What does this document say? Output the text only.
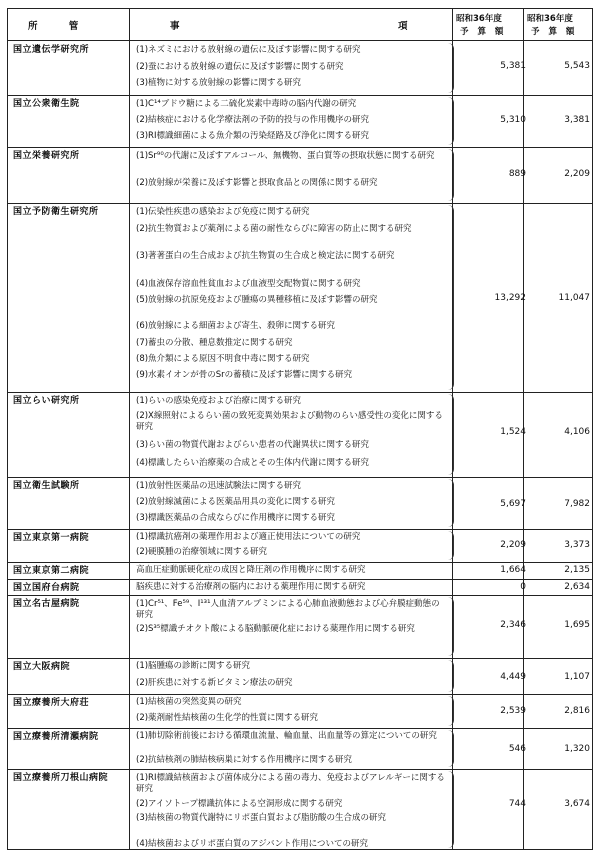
所 管	事	項
昭和36年度
予 算 額
昭和36年度
予 算 額
国立遺伝学研究所	(1)ネズミにおける放射線の遺伝に及ぼす影響に関する研究
(2)蚕における放射線の遺伝に及ぼす影響に関する研究
(3)植物に対する放射線の影響に関する研究
5,381	5,543
国立公衆衛生院	(1)C¹⁴ブドウ糖による二硫化炭素中毒時の脳内代謝の研究
(2)結核症における化学療法剤の予防的投与の作用機序の研究
(3)RI標識細菌による魚介類の汚染経路及び浄化に関する研究
5,310	3,381
国立栄養研究所	(1)Sr⁹⁰の代謝に及ぼすアルコール、無機物、蛋白質等の摂取状態に関する研究
(2)放射線が栄養に及ぼす影響と摂取食品との関係に関する研究
889	2,209
国立予防衛生研究所	(1)伝染性疾患の感染および免疫に関する研究
(2)抗生物質および薬剤による菌の耐性ならびに障害の防止に関する研究
(3)著著蛋白の生合成および抗生物質の生合成と検定法に関する研究
(4)血液保存溶血性貧血および血液型交配物質に関する研究
(5)放射線の抗原免疫および腫瘍の異種移植に及ぼす影響の研究
(6)放射線による細菌および寄生、殺卵に関する研究
(7)蓄虫の分散、種息数推定に関する研究
(8)魚介類による原因不明食中毒に関する研究
(9)水素イオンが骨のSrの蓄積に及ぼす影響に関する研究
13,292	11,047
国立らい研究所	(1)らいの感染免疫および治療に関する研究
(2)X線照射によるらい菌の致死変異効果および動物のらい感受性の変化に関する研究
(3)らい菌の物質代謝およびらい患者の代謝異状に関する研究
(4)標識したらい治療薬の合成とその生体内代謝に関する研究
1,524	4,106
国立衛生試験所	(1)放射性医薬品の迅速試験法に関する研究
(2)放射線滅菌による医薬品用具の変化に関する研究
(3)標識医薬品の合成ならびに作用機序に関する研究
5,697	7,982
国立東京第一病院	(1)標識抗癌剤の薬理作用および適正使用法についての研究
(2)硬膜腫の治療領域に関する研究
2,209	3,373
国立東京第二病院	高血圧症動脈硬化症の成因と降圧剤の作用機序に関する研究	1,664	2,135
国立国府台病院	脳疾患に対する治療剤の脳内における薬理作用に関する研究	0	2,634
国立名古屋病院	(1)Cr⁵¹、Fe⁵⁹、I¹³¹人血清アルブミンによる心肺血液動態および心弁膜症動態の研究
(2)S³⁵標識チオクト酸による脳動脈硬化症における薬理作用に関する研究	2,346	1,695
国立大阪病院	(1)脳腫瘍の診断に関する研究
(2)肝疾患に対する新ビタミン療法の研究
4,449	1,107
国立療養所大府荘	(1)結核菌の突然変異の研究
(2)薬剤耐性結核菌の生化学的性質に関する研究
2,539	2,816
国立療養所清瀬病院	(1)肺切除術前後における循環血流量、輪血量、出血量等の算定についての研究
(2)抗結核剤の肺結核病巣に対する作用機序に関する研究
546	1,320
国立療養所刀根山病院	(1)RI標識結核菌および菌体成分による菌の毒力、免疫およびアレルギーに関する研究
(2)アイソトープ標識抗体による空洞形成に関する研究
(3)結核菌の物質代謝特にリポ蛋白質および脂肪酸の生合成の研究
(4)結核菌およびリポ蛋白質のアジバント作用についての研究
744	3,674
